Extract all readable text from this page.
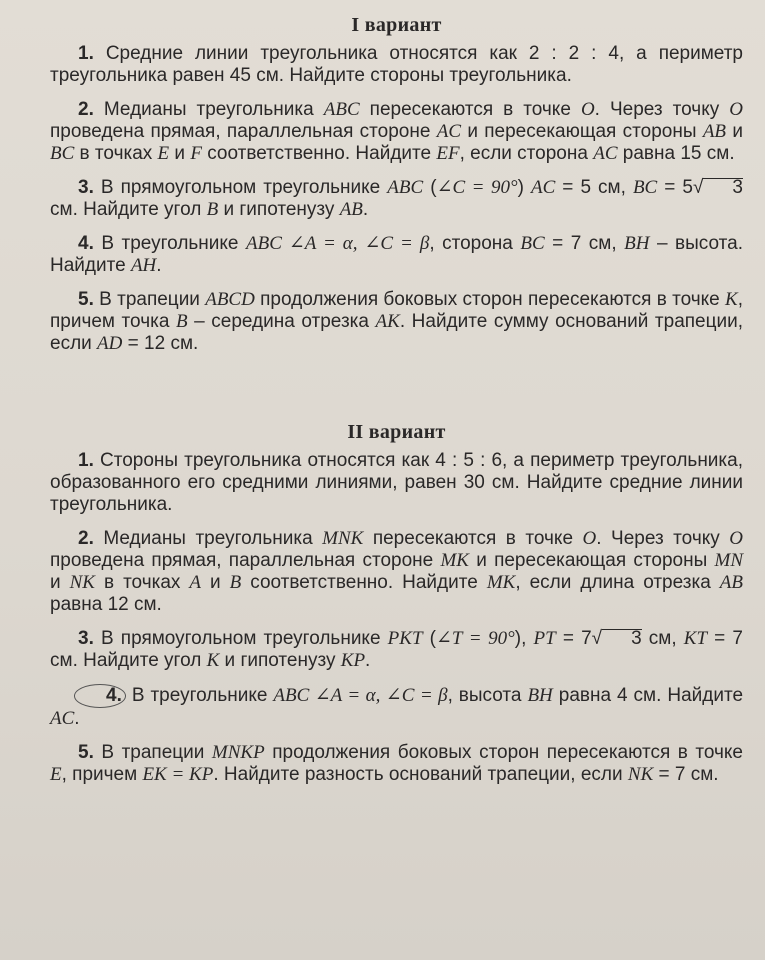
I вариант

1. Средние линии треугольника относятся как 2 : 2 : 4, а периметр треугольника равен 45 см. Найдите стороны треугольника.

2. Медианы треугольника ABC пересекаются в точке O. Через точку O проведена прямая, параллельная стороне AC и пересекающая стороны AB и BC в точках E и F соответственно. Найдите EF, если сторона AC равна 15 см.

3. В прямоугольном треугольнике ABC (∠C = 90°) AC = 5 см, BC = 5√ 3 см. Найдите угол B и гипотенузу AB.

4. В треугольнике ABC ∠A = α, ∠C = β, сторона BC = 7 см, BH – высота. Найдите AH.

5. В трапеции ABCD продолжения боковых сторон пересекаются в точке K, причем точка B – середина отрезка AK. Найдите сумму оснований трапеции, если AD = 12 см.

II вариант

1. Стороны треугольника относятся как 4 : 5 : 6, а периметр треугольника, образованного его средними линиями, равен 30 см. Найдите средние линии треугольника.

2. Медианы треугольника MNK пересекаются в точке O. Через точку O проведена прямая, параллельная стороне MK и пересекающая стороны MN и NK в точках A и B соответственно. Найдите MK, если длина отрезка AB равна 12 см.

3. В прямоугольном треугольнике PKT (∠T = 90°), PT = 7√ 3 см, KT = 7 см. Найдите угол K и гипотенузу KP.

4. В треугольнике ABC ∠A = α, ∠C = β, высота BH равна 4 см. Найдите AC.

5. В трапеции MNKP продолжения боковых сторон пересекаются в точке E, причем EK = KP. Найдите разность оснований трапеции, если NK = 7 см.
